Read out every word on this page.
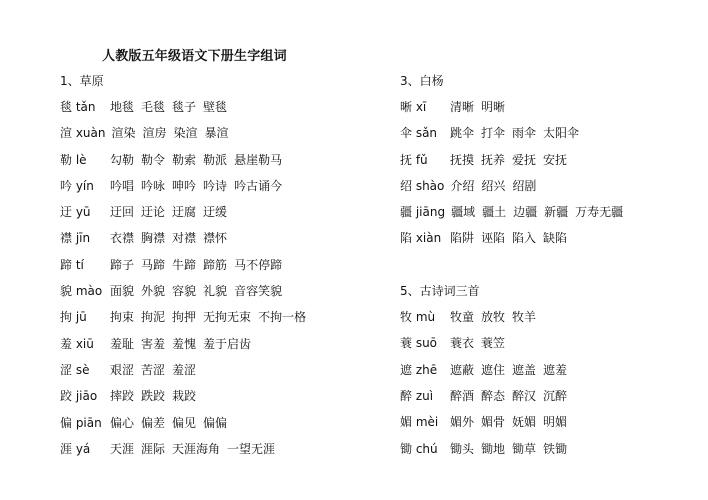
人教版五年级语文下册生字组词
1、草原
毯 tǎn 地毯 毛毯 毯子 壁毯
渲 xuàn 渲染 渲房 染渲 暴渲
勒 lè 勾勒 勒令 勒索 勒派 悬崖勒马
吟 yín 吟唱 吟咏 呻吟 吟诗 吟古诵今
迂 yū 迂回 迂论 迂腐 迂缓
襟 jīn 衣襟 胸襟 对襟 襟怀
蹄 tí 蹄子 马蹄 牛蹄 蹄筋 马不停蹄
貌 mào 面貌 外貌 容貌 礼貌 音容笑貌
拘 jū 拘束 拘泥 拘押 无拘无束 不拘一格
羞 xiū 羞耻 害羞 羞愧 羞于启齿
涩 sè 艰涩 苦涩 羞涩
跤 jiāo 摔跤 跌跤 栽跤
偏 piān 偏心 偏差 偏见 偏偏
涯 yá 天涯 涯际 天涯海角 一望无涯
3、白杨
晰 xī 清晰 明晰
伞 sǎn 跳伞 打伞 雨伞 太阳伞
抚 fǔ 抚摸 抚养 爱抚 安抚
绍 shào 介绍 绍兴 绍剧
疆 jiāng 疆域 疆土 边疆 新疆 万寿无疆
陷 xiàn 陷阱 诬陷 陷入 缺陷
5、古诗词三首
牧 mù 牧童 放牧 牧羊
蓑 suō 蓑衣 蓑笠
遮 zhē 遮蔽 遮住 遮盖 遮羞
醉 zuì 醉酒 醉态 醉汉 沉醉
媚 mèi 媚外 媚骨 妩媚 明媚
锄 chú 锄头 锄地 锄草 铁锄
